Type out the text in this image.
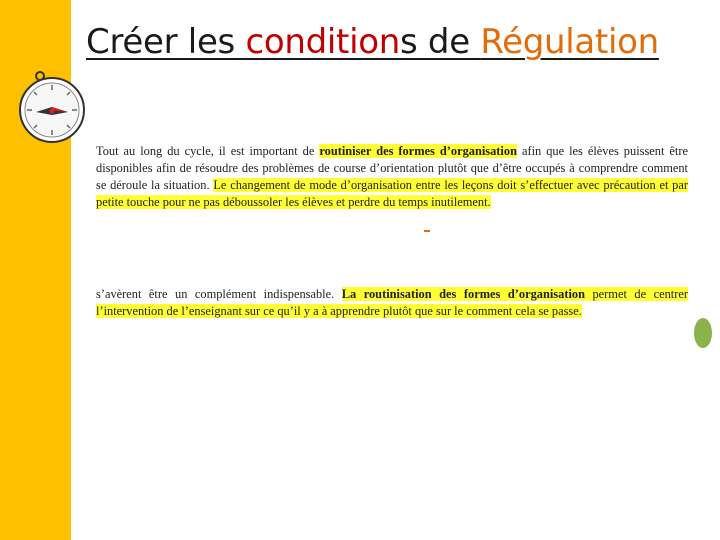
Créer les conditions de Régulation

Tout au long du cycle, il est important de routiniser des formes d’organisation afin que les élèves puissent être disponibles afin de résoudre des problèmes de course d’orientation plutôt que d’être occupés à comprendre comment se déroule la situation. Le changement de mode d’organisation entre les leçons doit s’effectuer avec précaution et par petite touche pour ne pas déboussoler les élèves et perdre du temps inutilement.

s’avèrent être un complément indispensable. La routinisation des formes d’organisation permet de centrer l’intervention de l’enseignant sur ce qu’il y a à apprendre plutôt que sur le comment cela se passe.
